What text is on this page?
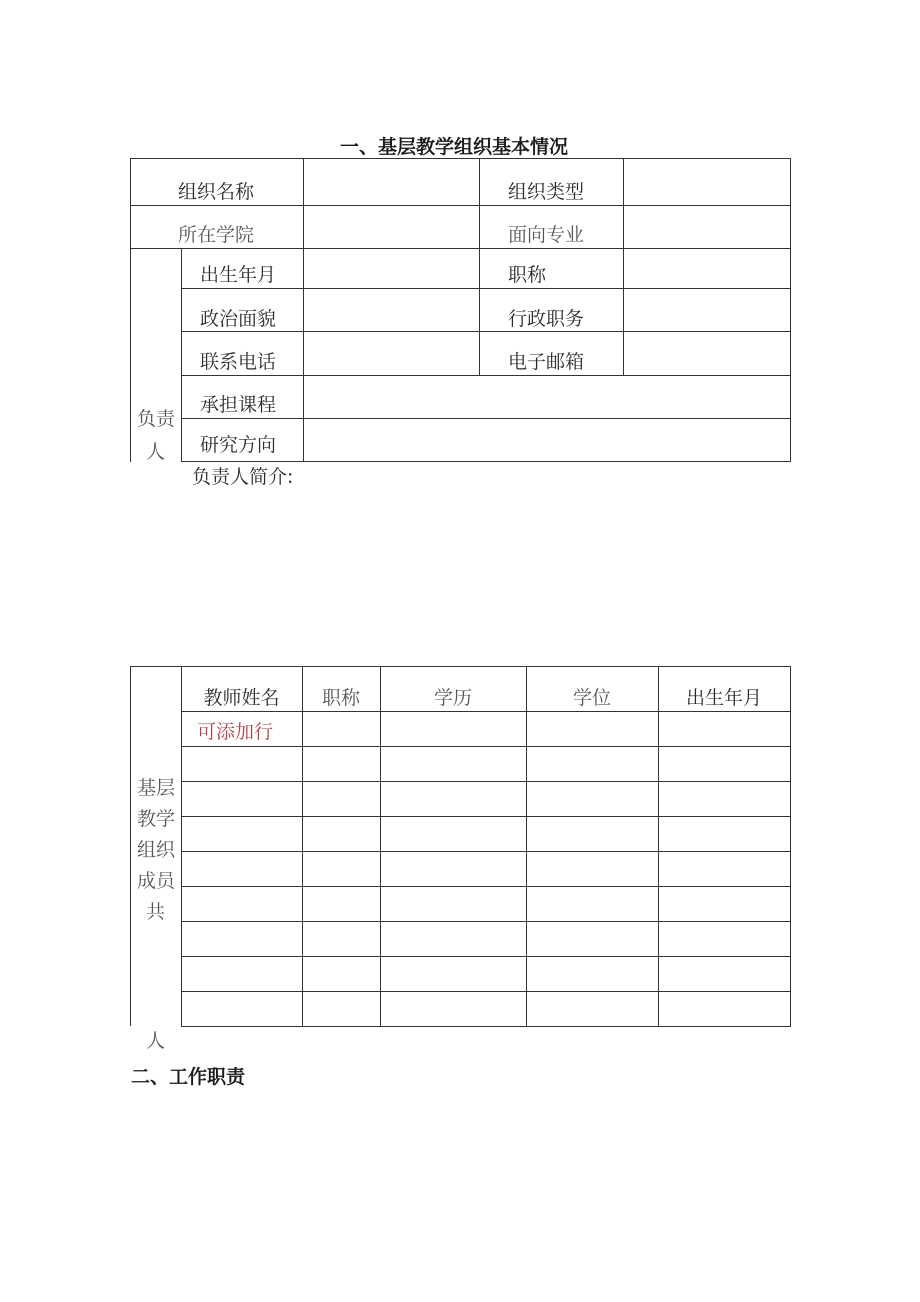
一、基层教学组织基本情况
组织名称	组织类型
所在学院	面向专业
出生年月	职称
政治面貌	行政职务
联系电话	电子邮箱
承担课程
研究方向
负责
人
负责人简介:
教师姓名	职称	学历	学位	出生年月
可添加行
基层
教学
组织
成员
共
人
二、工作职责
